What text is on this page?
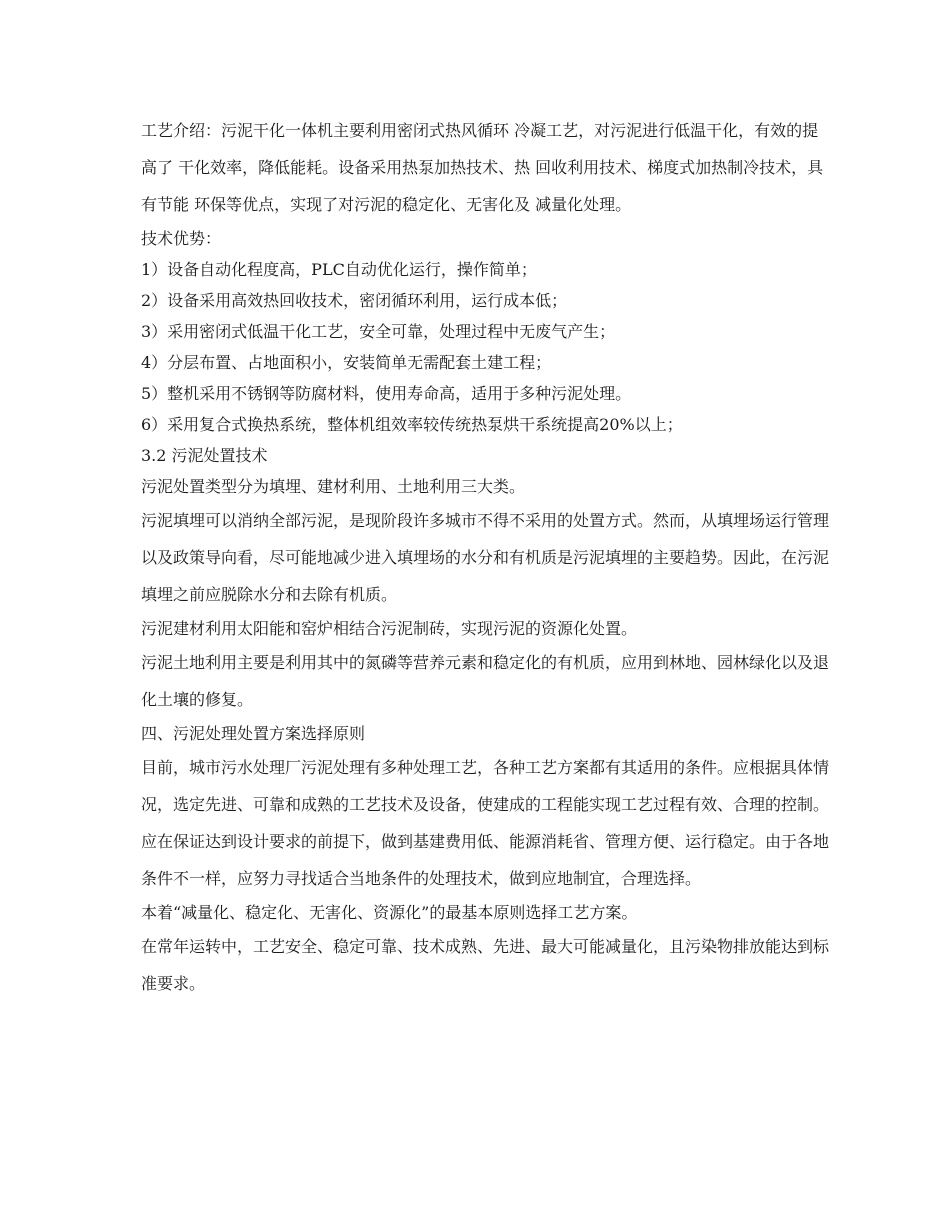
工艺介绍：污泥干化一体机主要利用密闭式热风循环 冷凝工艺，对污泥进行低温干化，有效的提高了 干化效率，降低能耗。设备采用热泵加热技术、热 回收利用技术、梯度式加热制冷技术，具有节能 环保等优点，实现了对污泥的稳定化、无害化及 减量化处理。

技术优势：

1）设备自动化程度高，PLC自动优化运行，操作简单；

2）设备采用高效热回收技术，密闭循环利用，运行成本低；

3）采用密闭式低温干化工艺，安全可靠，处理过程中无废气产生；

4）分层布置、占地面积小，安装简单无需配套土建工程；

5）整机采用不锈钢等防腐材料，使用寿命高，适用于多种污泥处理。

6）采用复合式换热系统，整体机组效率较传统热泵烘干系统提高20%以上；

3.2 污泥处置技术

污泥处置类型分为填埋、建材利用、土地利用三大类。

污泥填埋可以消纳全部污泥，是现阶段许多城市不得不采用的处置方式。然而，从填埋场运行管理以及政策导向看，尽可能地减少进入填埋场的水分和有机质是污泥填埋的主要趋势。因此，在污泥填埋之前应脱除水分和去除有机质。

污泥建材利用太阳能和窑炉相结合污泥制砖，实现污泥的资源化处置。

污泥土地利用主要是利用其中的氮磷等营养元素和稳定化的有机质，应用到林地、园林绿化以及退化土壤的修复。

四、污泥处理处置方案选择原则

目前，城市污水处理厂污泥处理有多种处理工艺，各种工艺方案都有其适用的条件。应根据具体情况，选定先进、可靠和成熟的工艺技术及设备，使建成的工程能实现工艺过程有效、合理的控制。应在保证达到设计要求的前提下，做到基建费用低、能源消耗省、管理方便、运行稳定。由于各地条件不一样，应努力寻找适合当地条件的处理技术，做到应地制宜，合理选择。

本着“减量化、稳定化、无害化、资源化”的最基本原则选择工艺方案。

在常年运转中，工艺安全、稳定可靠、技术成熟、先进、最大可能减量化，且污染物排放能达到标准要求。
